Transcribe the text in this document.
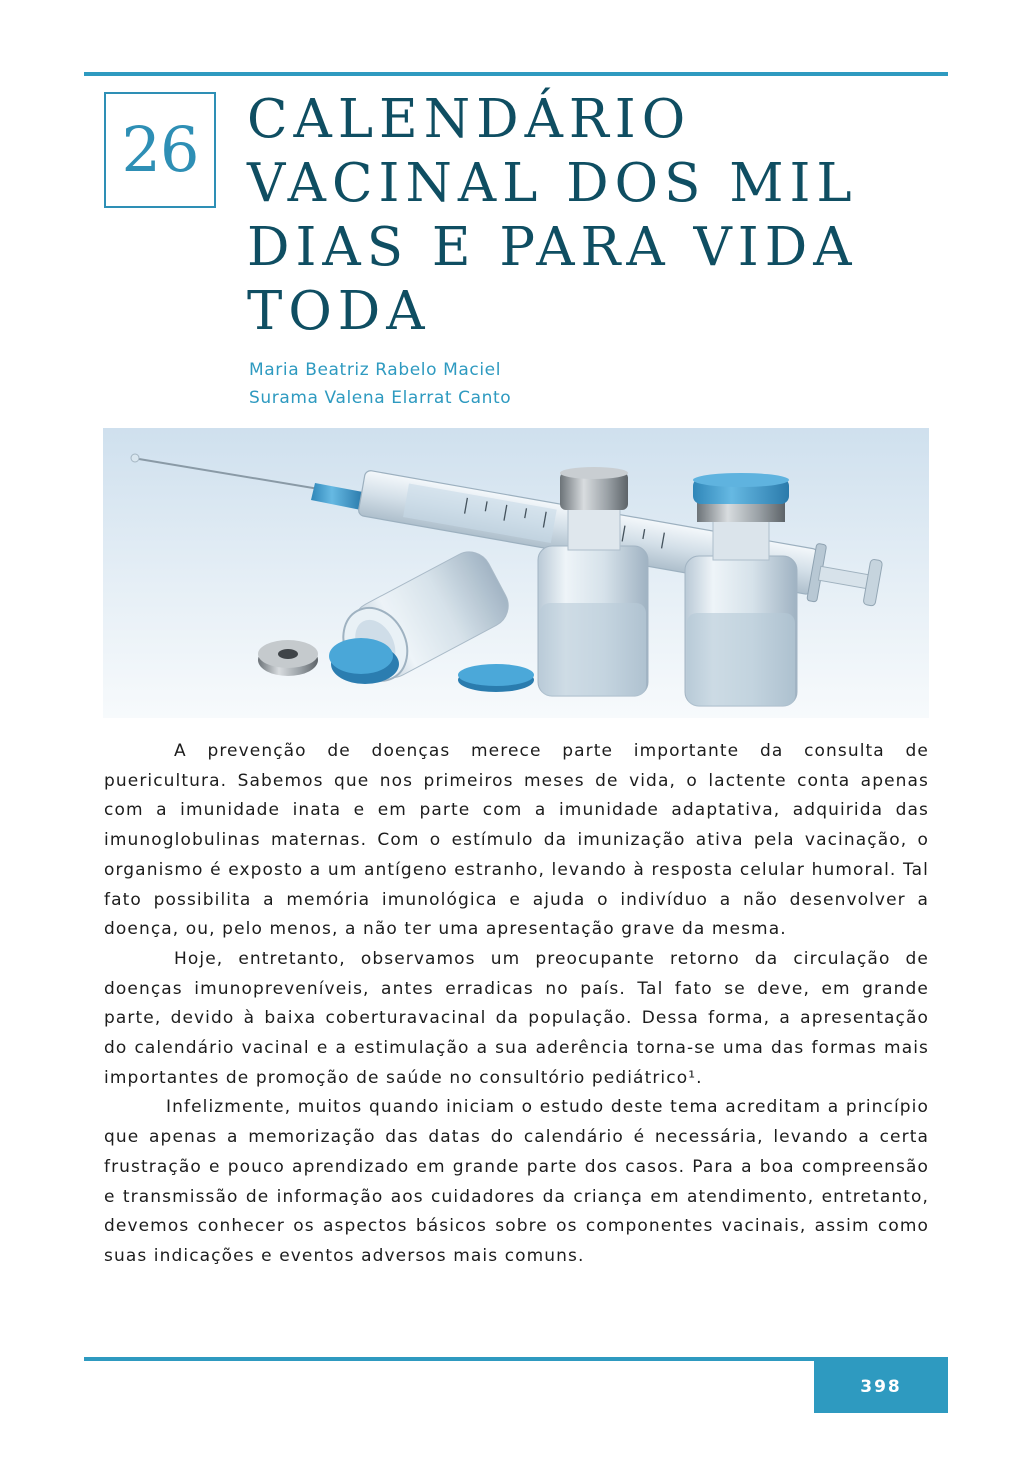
26 CALENDÁRIO VACINAL DOS MIL DIAS E PARA VIDA TODA
Maria Beatriz Rabelo Maciel
Surama Valena Elarrat Canto

A prevenção de doenças merece parte importante da consulta de puericultura. Sabemos que nos primeiros meses de vida, o lactente conta apenas com a imunidade inata e em parte com a imunidade adaptativa, adquirida das imunoglobulinas maternas. Com o estímulo da imunização ativa pela vacinação, o organismo é exposto a um antígeno estranho, levando à resposta celular humoral. Tal fato possibilita a memória imunológica e ajuda o indivíduo a não desenvolver a doença, ou, pelo menos, a não ter uma apresentação grave da mesma.

Hoje, entretanto, observamos um preocupante retorno da circulação de doenças imunopreveníveis, antes erradicas no país. Tal fato se deve, em grande parte, devido à baixa coberturavacinal da população. Dessa forma, a apresentação do calendário vacinal e a estimulação a sua aderência torna-se uma das formas mais importantes de promoção de saúde no consultório pediátrico¹.

Infelizmente, muitos quando iniciam o estudo deste tema acreditam a princípio que apenas a memorização das datas do calendário é necessária, levando a certa frustração e pouco aprendizado em grande parte dos casos. Para a boa compreensão e transmissão de informação aos cuidadores da criança em atendimento, entretanto, devemos conhecer os aspectos básicos sobre os componentes vacinais, assim como suas indicações e eventos adversos mais comuns.

398
